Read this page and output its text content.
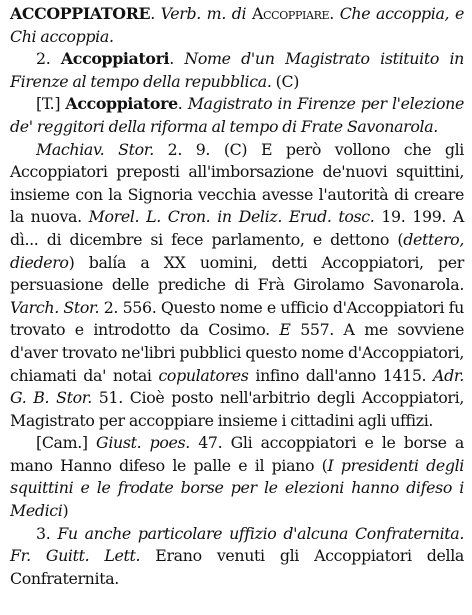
ACCOPPIATORE. Verb. m. di Accoppiare. Che accoppia, e Chi accoppia.

2. Accoppiatori. Nome d'un Magistrato istituito in Firenze al tempo della repubblica. (C)

[T.] Accoppiatore. Magistrato in Firenze per l'elezione de' reggitori della riforma al tempo di Frate Savonarola.

Machiav. Stor. 2. 9. (C) E però vollono che gli Accoppiatori preposti all'imborsazione de'nuovi squittini, insieme con la Signoria vecchia avesse l'autorità di creare la nuova. Morel. L. Cron. in Deliz. Erud. tosc. 19. 199. A dì... di dicembre si fece parlamento, e dettono (dettero, diedero) balía a XX uomini, detti Accoppiatori, per persuasione delle prediche di Frà Girolamo Savonarola. Varch. Stor. 2. 556. Questo nome e ufficio d'Accoppiatori fu trovato e introdotto da Cosimo. E 557. A me sovviene d'aver trovato ne'libri pubblici questo nome d'Accoppiatori, chiamati da' notai copulatores infino dall'anno 1415. Adr. G. B. Stor. 51. Cioè posto nell'arbitrio degli Accoppiatori, Magistrato per accoppiare insieme i cittadini agli uffizi.

[Cam.] Giust. poes. 47. Gli accoppiatori e le borse a mano Hanno difeso le palle e il piano (I presidenti degli squittini e le frodate borse per le elezioni hanno difeso i Medici)

3. Fu anche particolare uffizio d'alcuna Confraternita. Fr. Guitt. Lett. Erano venuti gli Accoppiatori della Confraternita.
